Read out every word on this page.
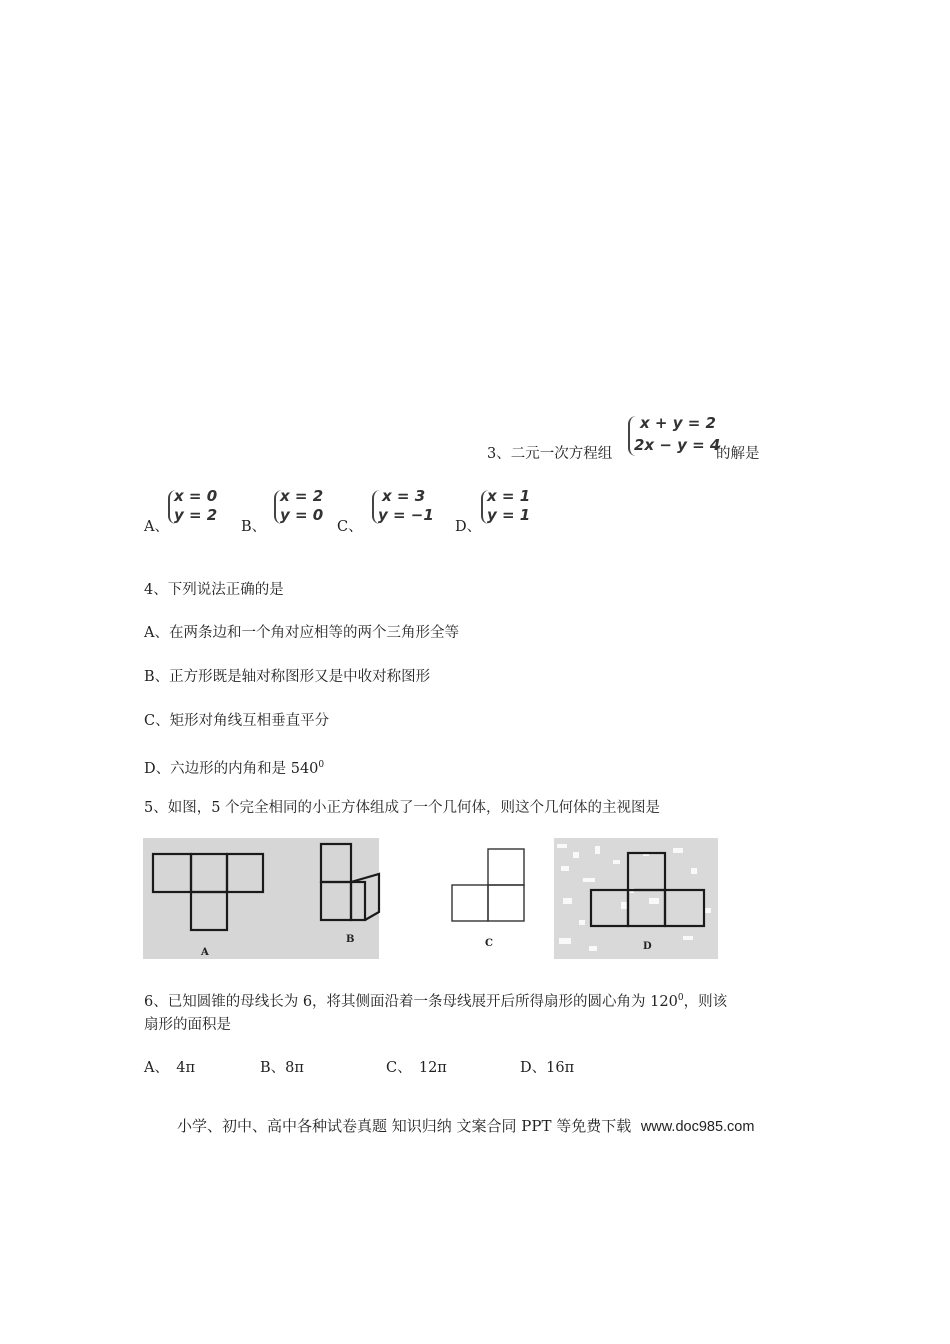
x + y = 2
2x − y = 4
3、二元一次方程组	的解是
A、
x = 0
y = 2
B、
x = 2
y = 0
C、
x = 3
y = −1
D、
x = 1
y = 1
4、下列说法正确的是
A、在两条边和一个角对应相等的两个三角形全等
B、正方形既是轴对称图形又是中收对称图形
C、矩形对角线互相垂直平分
D、六边形的内角和是 $540^0$
5、如图，5 个完全相同的小正方体组成了一个几何体，则这个几何体的主视图是
A
B	C	D
6、已知圆锥的母线长为 6，将其侧面沿着一条母线展开后所得扇形的圆心角为 $120^0$，则该
扇形的面积是
A、　4π	B、8π	C、　12π	D、16π
小学、初中、高中各种试卷真题 知识归纳 文案合同 PPT 等免费下载 www.doc985.com
